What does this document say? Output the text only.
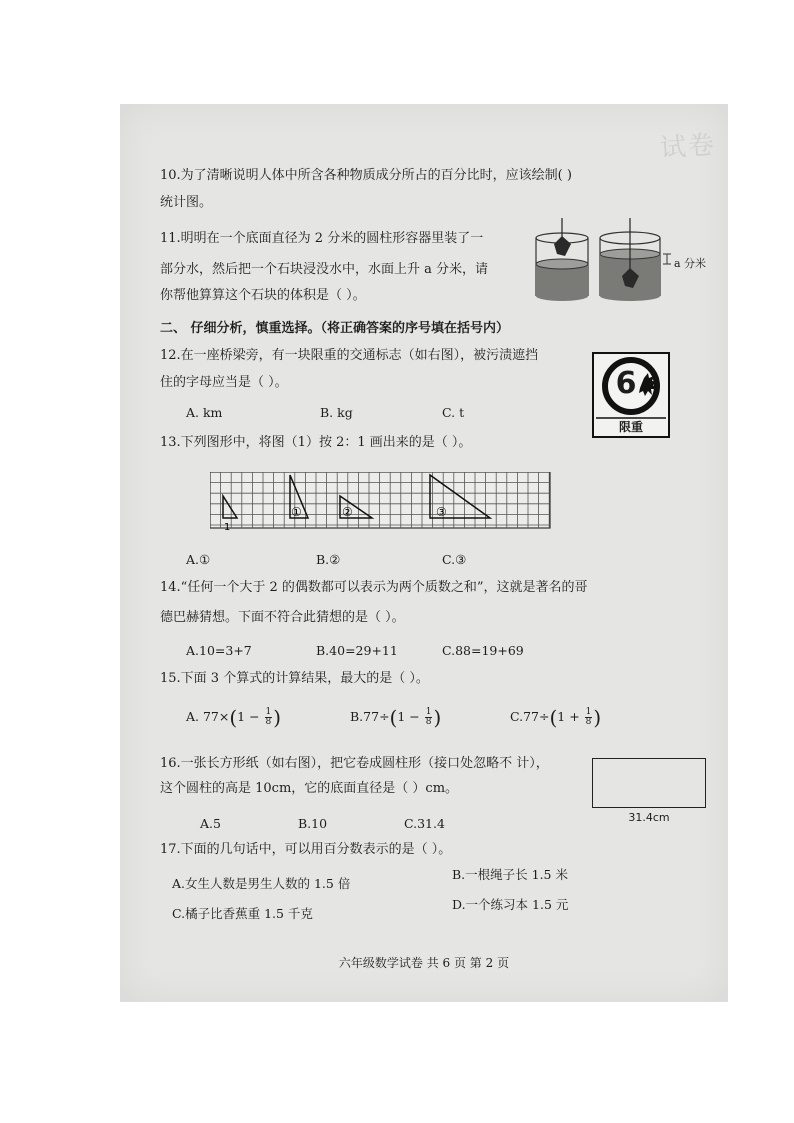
试卷
10.为了清晰说明人体中所含各种物质成分所占的百分比时，应该绘制( )
统计图。
11.明明在一个底面直径为 2 分米的圆柱形容器里装了一
部分水，然后把一个石块浸没水中，水面上升 a 分米，请
你帮他算算这个石块的体积是（ ）。
a 分米
二、 仔细分析，慎重选择。（将正确答案的序号填在括号内）
12.在一座桥梁旁，有一块限重的交通标志（如右图），被污渍遮挡
住的字母应当是（ ）。
A. km	B. kg	C. t
6
限重
13.下列图形中，将图（1）按 2：1 画出来的是（ ）。
1
①	②	③
A.①	B.②	C.③
14.“任何一个大于 2 的偶数都可以表示为两个质数之和”，这就是著名的哥
德巴赫猜想。下面不符合此猜想的是（ ）。
A.10=3+7	B.40=29+11	C.88=19+69
15.下面 3 个算式的计算结果，最大的是（ ）。
A. $77\times(1 - \frac{1}{8}$ )	$B.77\div(1 - \frac{1}{8}$ )	$C.77\div(1 + \frac{1}{8}$ )
16.一张长方形纸（如右图），把它卷成圆柱形（接口处忽略不 计），
这个圆柱的高是 10cm，它的底面直径是（ ）cm。
31.4cm
A.5	B.10	C.31.4
17.下面的几句话中，可以用百分数表示的是（ ）。
A.女生人数是男生人数的 1.5 倍
B.一根绳子长 1.5 米
C.橘子比香蕉重 1.5 千克
D.一个练习本 1.5 元
六年级数学试卷 共 6 页 第 2 页
